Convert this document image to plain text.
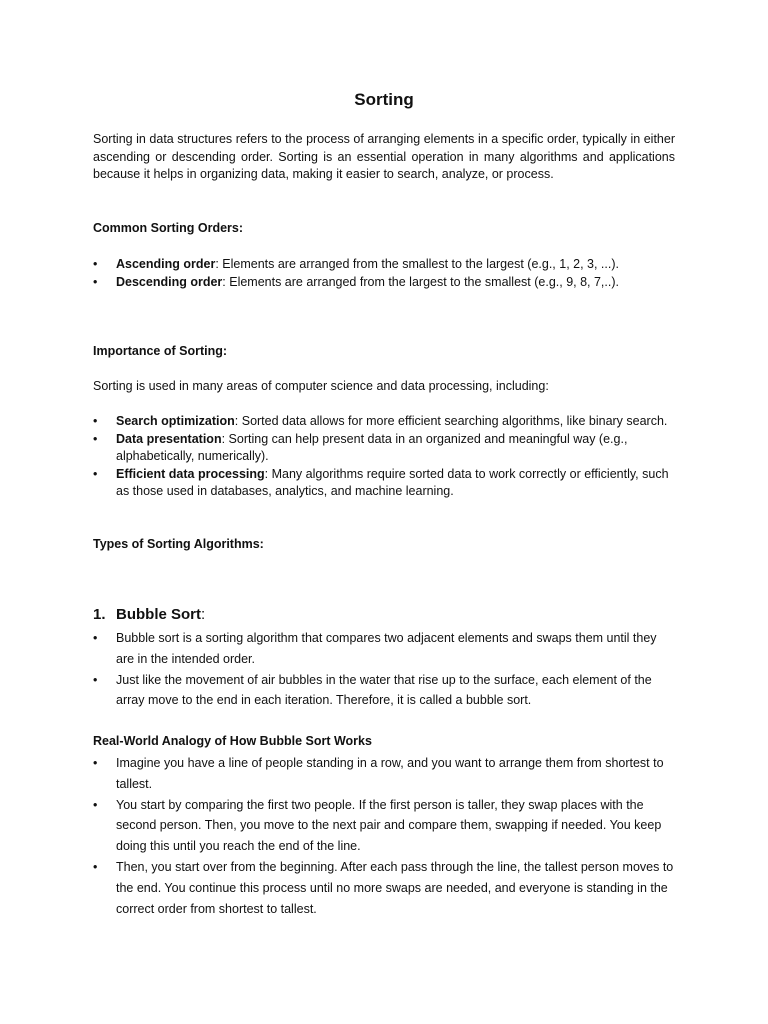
Sorting

Sorting in data structures refers to the process of arranging elements in a specific order, typically in either ascending or descending order. Sorting is an essential operation in many algorithms and applications because it helps in organizing data, making it easier to search, analyze, or process.

Common Sorting Orders:
• Ascending order: Elements are arranged from the smallest to the largest (e.g., 1, 2, 3, ...).
• Descending order: Elements are arranged from the largest to the smallest (e.g., 9, 8, 7,..).
Importance of Sorting:

Sorting is used in many areas of computer science and data processing, including:

• Search optimization: Sorted data allows for more efficient searching algorithms, like binary search.
• Data presentation: Sorting can help present data in an organized and meaningful way (e.g., alphabetically, numerically).
• Efficient data processing: Many algorithms require sorted data to work correctly or efficiently, such as those used in databases, analytics, and machine learning.
Types of Sorting Algorithms:
1. Bubble Sort:
• Bubble sort is a sorting algorithm that compares two adjacent elements and swaps them until they are in the intended order.
• Just like the movement of air bubbles in the water that rise up to the surface, each element of the array move to the end in each iteration. Therefore, it is called a bubble sort.
Real-World Analogy of How Bubble Sort Works
• Imagine you have a line of people standing in a row, and you want to arrange them from shortest to tallest.
• You start by comparing the first two people. If the first person is taller, they swap places with the second person. Then, you move to the next pair and compare them, swapping if needed. You keep doing this until you reach the end of the line.
• Then, you start over from the beginning. After each pass through the line, the tallest person moves to the end. You continue this process until no more swaps are needed, and everyone is standing in the correct order from shortest to tallest.
